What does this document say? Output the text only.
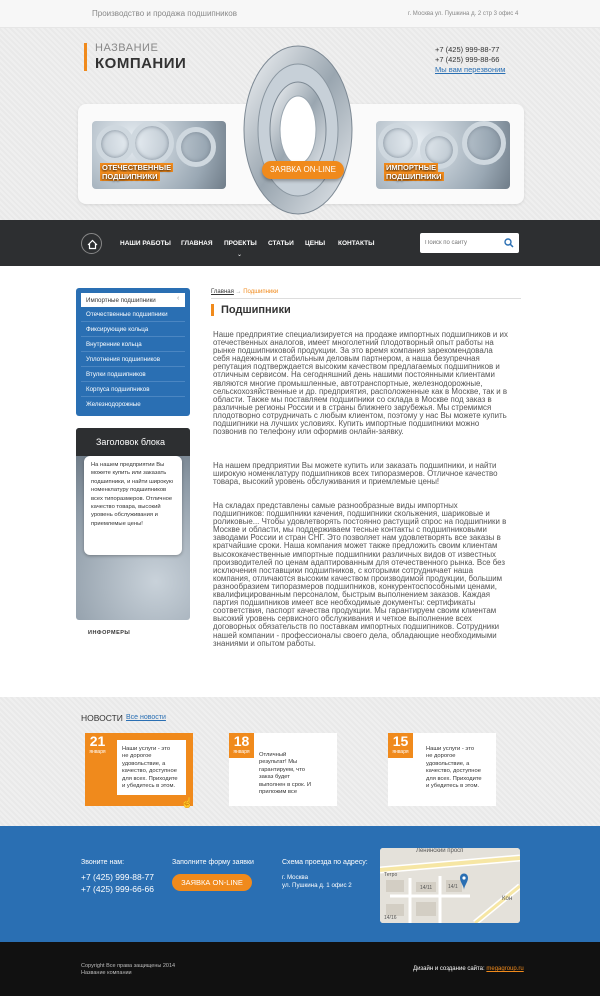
Производство и продажа подшипников	г. Москва ул. Пушкина д. 2 стр 3 офис 4
НАЗВАНИЕ
КОМПАНИИ
+7 (425) 999-88-77
+7 (425) 999-88-66
Мы вам перезвоним
ОТЕЧЕСТВЕННЫЕ
ПОДШИПНИКИ
ИМПОРТНЫЕ
ПОДШИПНИКИ
ЗАЯВКА ON-LINE
НАШИ РАБОТЫ ГЛАВНАЯ ПРОЕКТЫ СТАТЬИ ЦЕНЫ КОНТАКТЫ
⌄
Поиск по сайту
Импортные подшипники	‹
Отечественные подшипники
Фиксирующие кольца
Внутренние кольца
Уплотнения подшипников
Втулки подшипников
Корпуса подшипников
Железнодорожные
Заголовок блока
На нашем предприятии Вы можете купить или заказать подшипники, и найти широкую номенклатуру подшипников всех типоразмеров. Отличное качество товара, высокий уровень обслуживания и приемлемые цены!
ИНФОРМЕРЫ
Главная → Подшипники
Подшипники
Наше предприятие специализируется на продаже импортных подшипников и их отечественных аналогов, имеет многолетний плодотворный опыт работы на рынке подшипниковой продукции. За это время компания зарекомендовала себя надежным и стабильным деловым партнером, а наша безупречная репутация подтверждается высоким качеством предлагаемых подшипников и отличным сервисом. На сегодняшний день нашими постоянными клиентами являются многие промышленные, автотранспортные, железнодорожные, сельскохозяйственные и др. предприятия, расположенные как в Москве, так и в области. Также мы поставляем подшипники со склада в Москве под заказ в различные регионы России и в страны ближнего зарубежья. Мы стремимся плодотворно сотрудничать с любым клиентом, поэтому у нас Вы можете купить подшипники на лучших условиях. Купить импортные подшипники можно позвонив по телефону или оформив онлайн-заявку.
На нашем предприятии Вы можете купить или заказать подшипники, и найти широкую номенклатуру подшипников всех типоразмеров. Отличное качество товара, высокий уровень обслуживания и приемлемые цены!
На складах представлены самые разнообразные виды импортных подшипников: подшипники качения, подшипники скольжения, шариковые и роликовые... Чтобы удовлетворять постоянно растущий спрос на подшипники в Москве и области, мы поддерживаем тесные контакты с подшипниковыми заводами России и стран СНГ. Это позволяет нам удовлетворять все заказы в кратчайшие сроки. Наша компания может также предложить своим клиентам высококачественные импортные подшипники различных видов от известных производителей по ценам адаптированным для отечественного рынка. Все без исключения поставщики подшипников, с которыми сотрудничает наша компания, отличаются высоким качеством производимой продукции, большим разнообразием типоразмеров подшипников, конкурентоспособными ценами, квалифицированным персоналом, быстрым выполнением заказов. Каждая партия подшипников имеет все необходимые документы: сертификаты соответствия, паспорт качества продукции. Мы гарантируем своим клиентам высокий уровень сервисного обслуживания и четкое выполнение всех договорных обязательств по поставкам импортных подшипников. Сотрудники нашей компании - профессионалы своего дела, обладающие необходимыми знаниями и опытом работы.
НОВОСТИ Все новости
21
января	Наши услуги - это не дорогое удовольствие, а качество, доступное для всех. Приходите и убедитесь в этом.
☝
18
января	Отличный результат! Мы гарантируем, что заказ будет выполнен в срок. И приложим все
15
января	Наши услуги - это не дорогое удовольствие, а качество, доступное для всех. Приходите и убедитесь в этом.
Звоните нам:
+7 (425) 999-88-77
+7 (425) 999-66-66
Заполните форму заявки
ЗАЯВКА ON-LINE
Схема проезда по адресу:
г. Москва
ул. Пушкина д. 1 офис 2
Ленинский просп
Тетро
14/11	14/1
14/16
Кон
Copyright Все права защищены 2014
Название компании
Дизайн и создание сайта: megagroup.ru
